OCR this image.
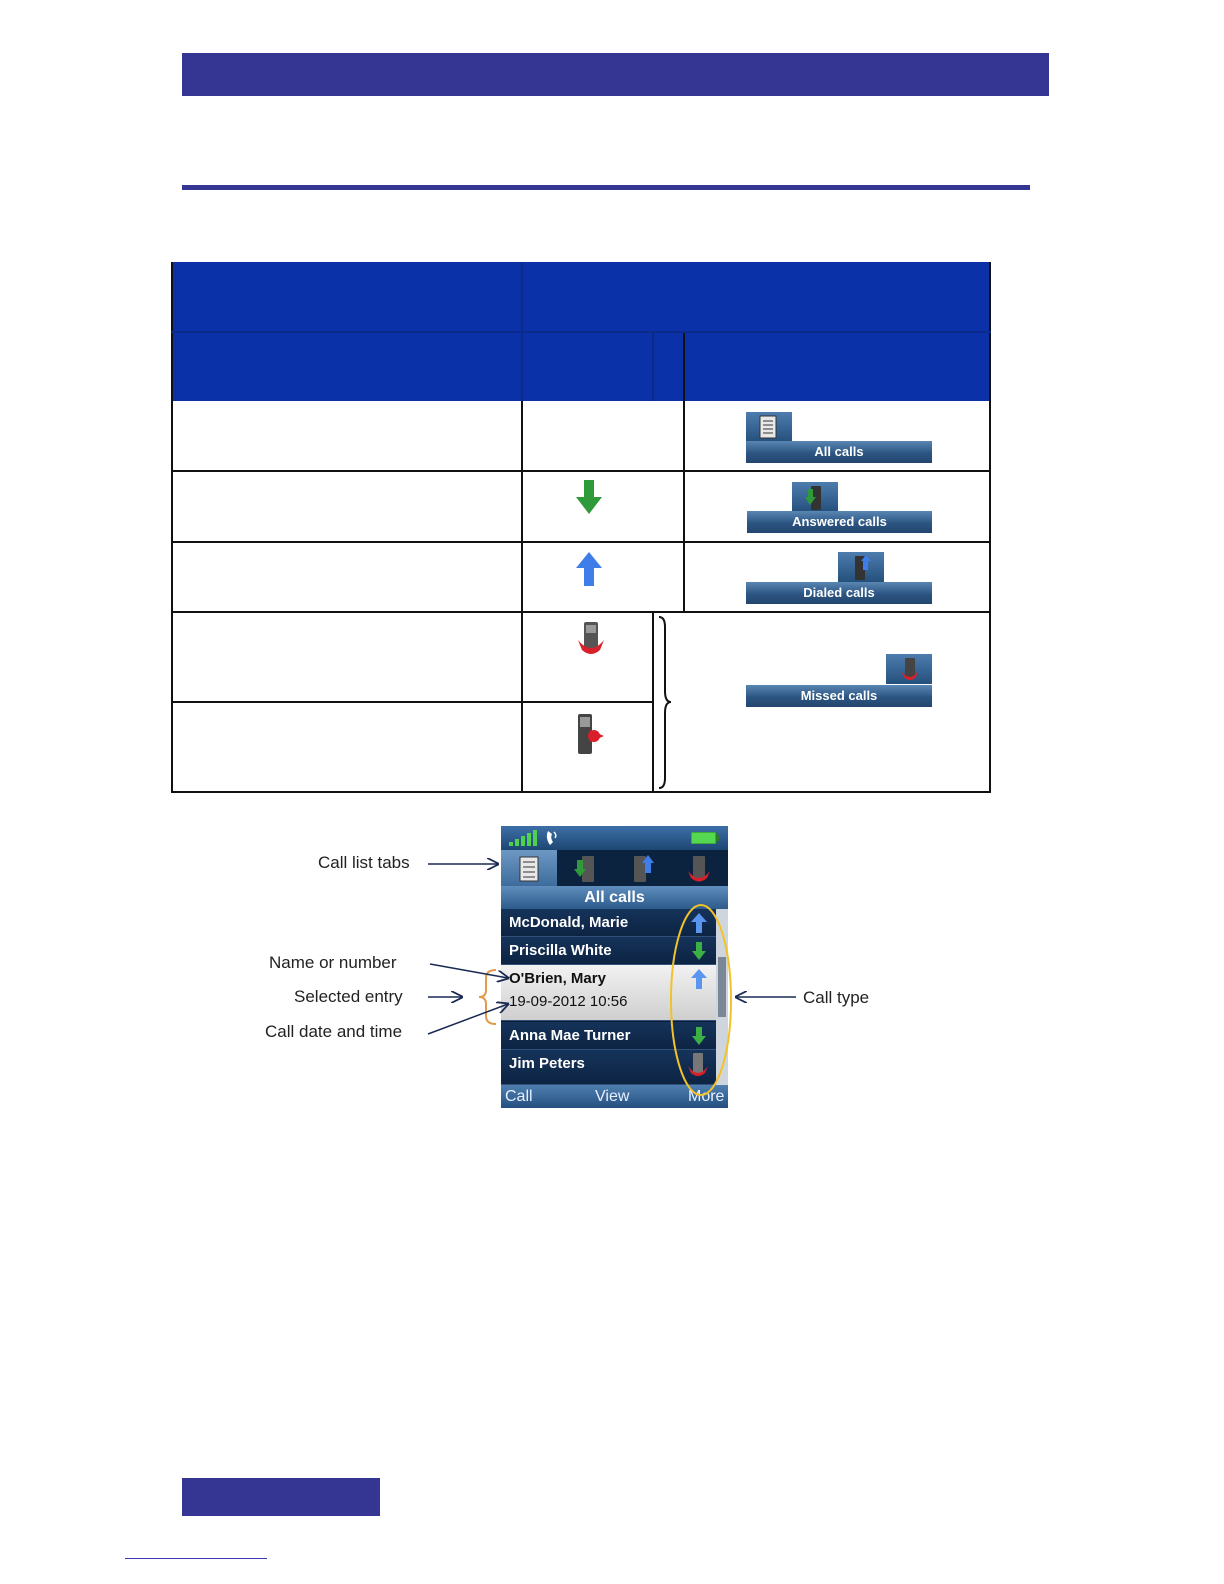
All calls
Answered calls
Dialed calls
Missed calls
All calls
McDonald, Marie
Priscilla White
O'Brien, Mary
19-09-2012 10:56
Anna Mae Turner
Jim Peters
Call	View	More
Call list tabs
Name or number
Selected entry
Call date and time
Call type
